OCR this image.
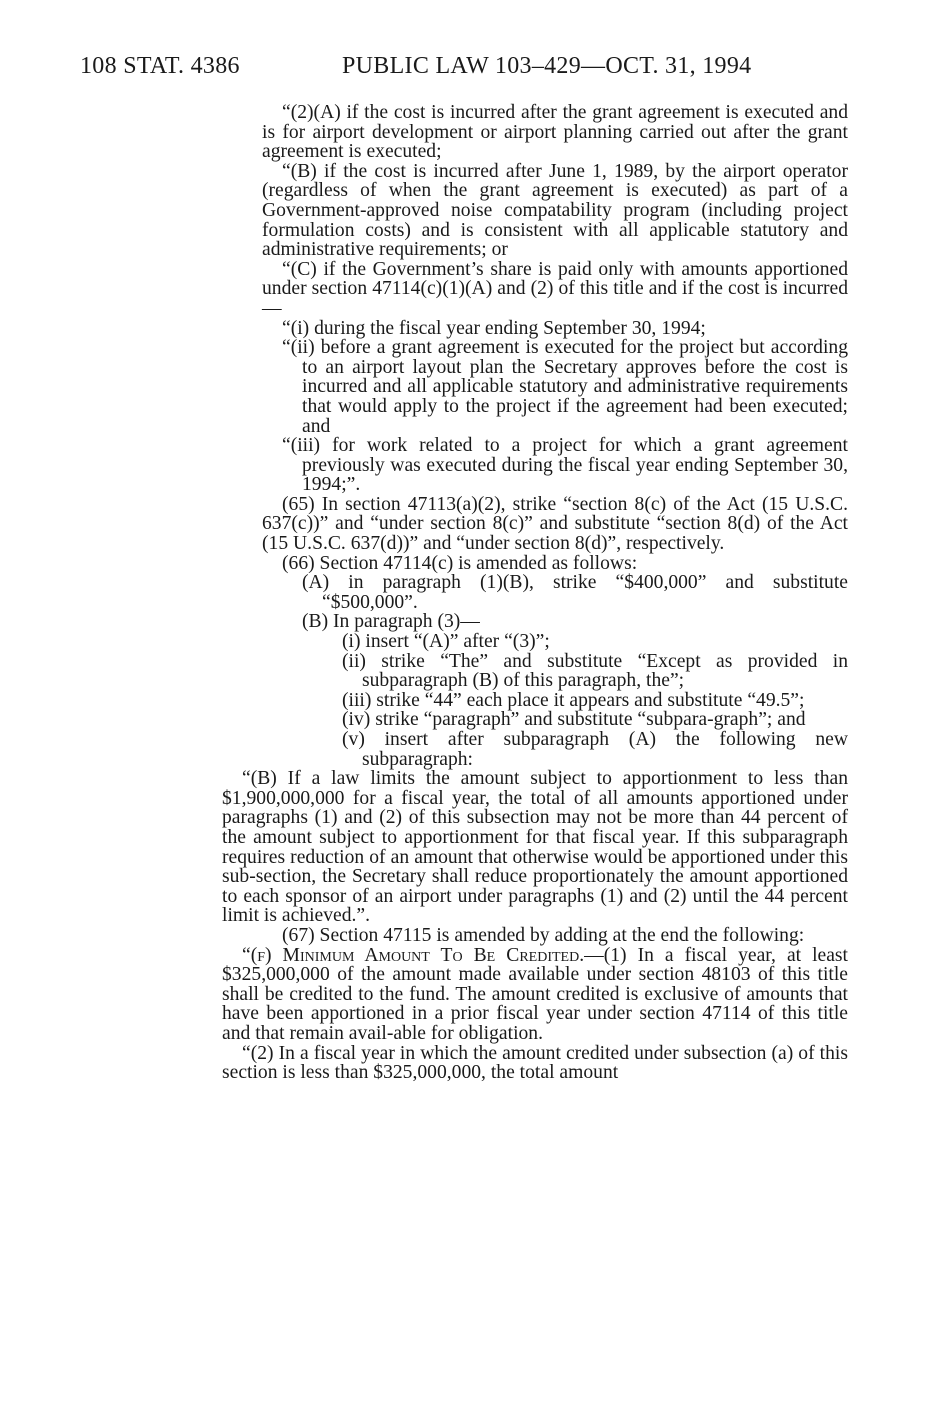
108 STAT. 4386	PUBLIC LAW 103–429—OCT. 31, 1994

“(2)(A) if the cost is incurred after the grant agreement is executed and is for airport development or airport planning carried out after the grant agreement is executed;

“(B) if the cost is incurred after June 1, 1989, by the airport operator (regardless of when the grant agreement is executed) as part of a Government-approved noise compatability program (including project formulation costs) and is consistent with all applicable statutory and administrative requirements; or

“(C) if the Government’s share is paid only with amounts apportioned under section 47114(c)(1)(A) and (2) of this title and if the cost is incurred—

“(i) during the fiscal year ending September 30, 1994;

“(ii) before a grant agreement is executed for the project but according to an airport layout plan the Secretary approves before the cost is incurred and all applicable statutory and administrative requirements that would apply to the project if the agreement had been executed; and

“(iii) for work related to a project for which a grant agreement previously was executed during the fiscal year ending September 30, 1994;”.

(65) In section 47113(a)(2), strike “section 8(c) of the Act (15 U.S.C. 637(c))” and “under section 8(c)” and substitute “section 8(d) of the Act (15 U.S.C. 637(d))” and “under section 8(d)”, respectively.

(66) Section 47114(c) is amended as follows:

(A) in paragraph (1)(B), strike “$400,000” and substitute “$500,000”.

(B) In paragraph (3)—

(i) insert “(A)” after “(3)”;

(ii) strike “The” and substitute “Except as provided in subparagraph (B) of this paragraph, the”;

(iii) strike “44” each place it appears and substitute “49.5”;

(iv) strike “paragraph” and substitute “subpara-graph”; and

(v) insert after subparagraph (A) the following new subparagraph:

“(B) If a law limits the amount subject to apportionment to less than $1,900,000,000 for a fiscal year, the total of all amounts apportioned under paragraphs (1) and (2) of this subsection may not be more than 44 percent of the amount subject to apportionment for that fiscal year. If this subparagraph requires reduction of an amount that otherwise would be apportioned under this sub-section, the Secretary shall reduce proportionately the amount apportioned to each sponsor of an airport under paragraphs (1) and (2) until the 44 percent limit is achieved.”.

(67) Section 47115 is amended by adding at the end the following:

“(f) Minimum Amount To Be Credited.—(1) In a fiscal year, at least $325,000,000 of the amount made available under section 48103 of this title shall be credited to the fund. The amount credited is exclusive of amounts that have been apportioned in a prior fiscal year under section 47114 of this title and that remain avail-able for obligation.

“(2) In a fiscal year in which the amount credited under subsection (a) of this section is less than $325,000,000, the total amount
